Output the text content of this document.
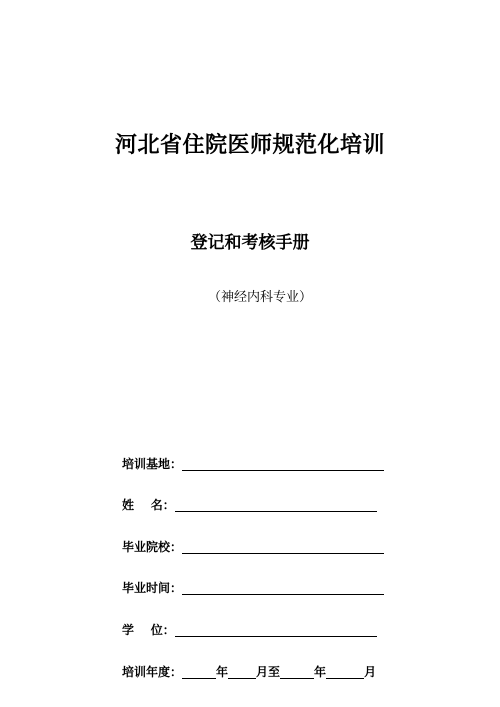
河北省住院医师规范化培训
登记和考核手册
（神经内科专业）
培训基地：
姓    名：
毕业院校：
毕业时间：
学    位：
培训年度：	年 月至	年	月
